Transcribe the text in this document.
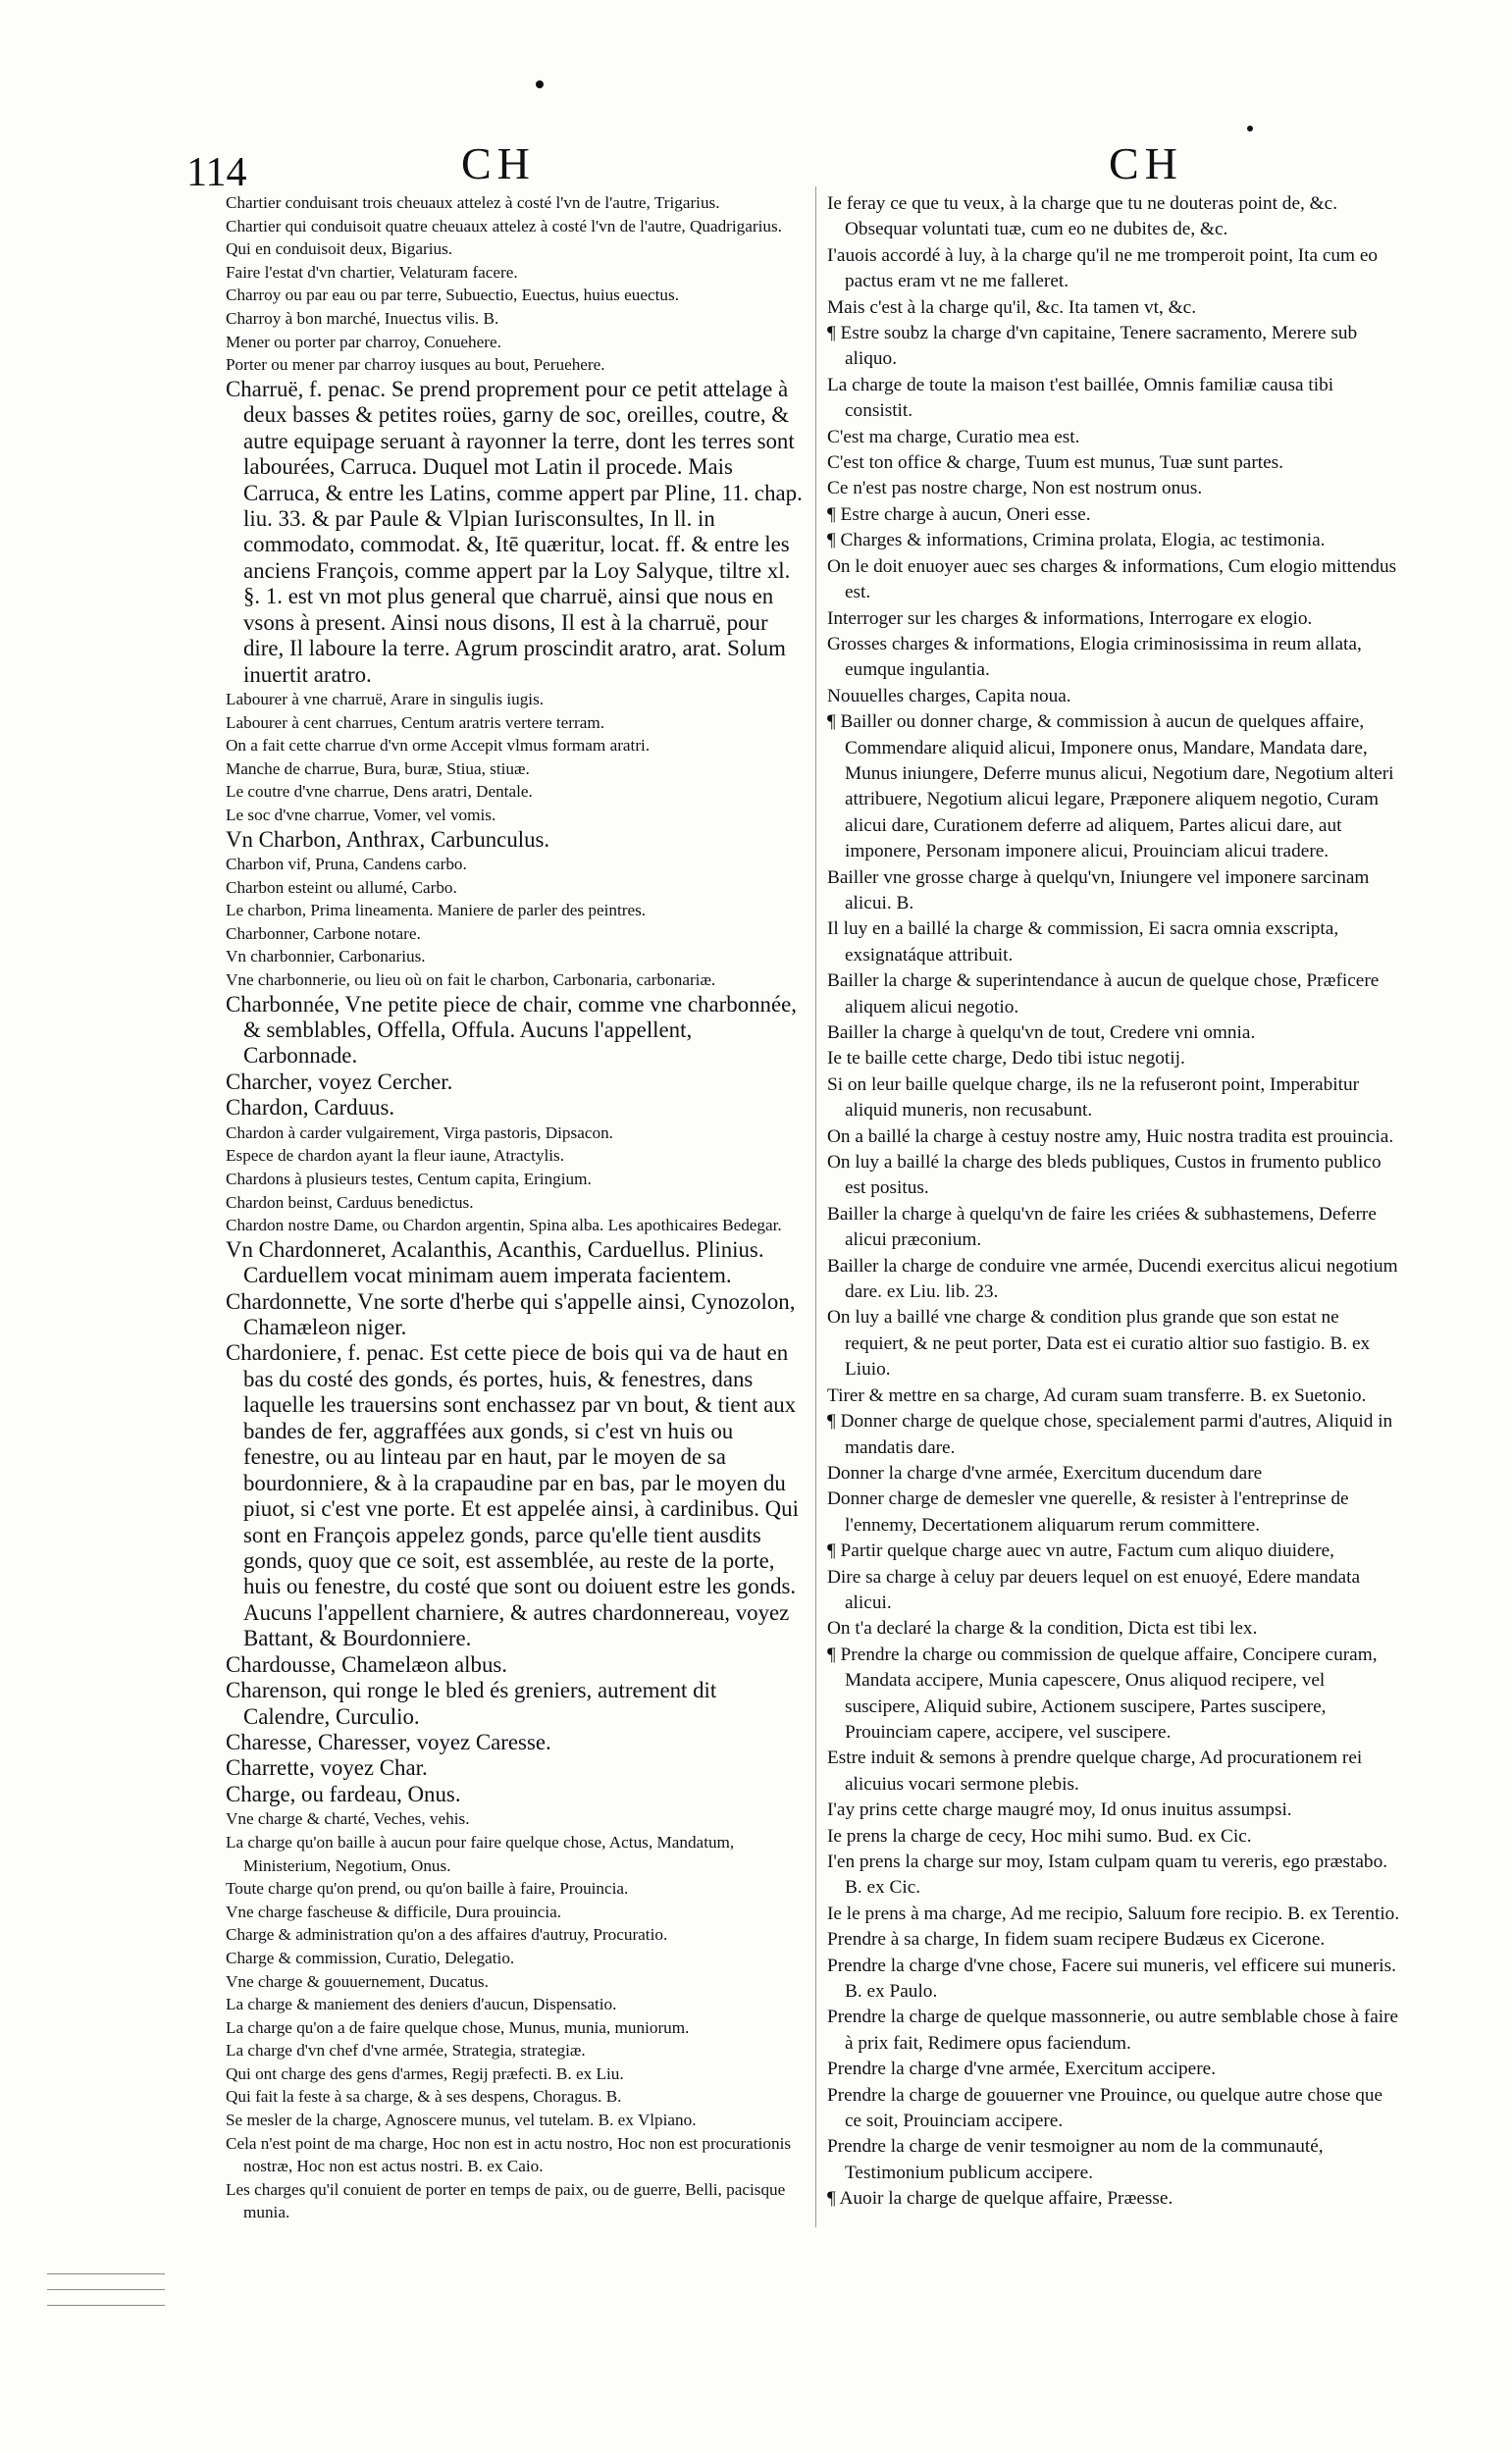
114	CH	CH

Chartier conduisant trois cheuaux attelez à costé l'vn de l'autre, Trigarius.

Chartier qui conduisoit quatre cheuaux attelez à costé l'vn de l'autre, Quadrigarius.

Qui en conduisoit deux, Bigarius.

Faire l'estat d'vn chartier, Velaturam facere.

Charroy ou par eau ou par terre, Subuectio, Euectus, huius euectus.

Charroy à bon marché, Inuectus vilis. B.

Mener ou porter par charroy, Conuehere.

Porter ou mener par charroy iusques au bout, Peruehere.

Charruë, f. penac. Se prend proprement pour ce petit attelage à deux basses & petites roües, garny de soc, oreilles, coutre, & autre equipage seruant à rayonner la terre, dont les terres sont labourées, Carruca. Duquel mot Latin il procede. Mais Carruca, & entre les Latins, comme appert par Pline, 11. chap. liu. 33. & par Paule & Vlpian Iurisconsultes, In ll. in commodato, commodat. &, Itē quæritur, locat. ff. & entre les anciens François, comme appert par la Loy Salyque, tiltre xl. §. 1. est vn mot plus general que charruë, ainsi que nous en vsons à present. Ainsi nous disons, Il est à la charruë, pour dire, Il laboure la terre. Agrum proscindit aratro, arat. Solum inuertit aratro.

Labourer à vne charruë, Arare in singulis iugis.

Labourer à cent charrues, Centum aratris vertere terram.

On a fait cette charrue d'vn orme Accepit vlmus formam aratri.

Manche de charrue, Bura, buræ, Stiua, stiuæ.

Le coutre d'vne charrue, Dens aratri, Dentale.

Le soc d'vne charrue, Vomer, vel vomis.

Vn Charbon, Anthrax, Carbunculus.

Charbon vif, Pruna, Candens carbo.

Charbon esteint ou allumé, Carbo.

Le charbon, Prima lineamenta. Maniere de parler des peintres.

Charbonner, Carbone notare.

Vn charbonnier, Carbonarius.

Vne charbonnerie, ou lieu où on fait le charbon, Carbonaria, carbonariæ.

Charbonnée, Vne petite piece de chair, comme vne charbonnée, & semblables, Offella, Offula. Aucuns l'appellent, Carbonnade.

Charcher, voyez Cercher.

Chardon, Carduus.

Chardon à carder vulgairement, Virga pastoris, Dipsacon.

Espece de chardon ayant la fleur iaune, Atractylis.

Chardons à plusieurs testes, Centum capita, Eringium.

Chardon beinst, Carduus benedictus.

Chardon nostre Dame, ou Chardon argentin, Spina alba. Les apothicaires Bedegar.

Vn Chardonneret, Acalanthis, Acanthis, Carduellus. Plinius. Carduellem vocat minimam auem imperata facientem.

Chardonnette, Vne sorte d'herbe qui s'appelle ainsi, Cynozolon, Chamæleon niger.

Chardoniere, f. penac. Est cette piece de bois qui va de haut en bas du costé des gonds, és portes, huis, & fenestres, dans laquelle les trauersins sont enchassez par vn bout, & tient aux bandes de fer, aggraffées aux gonds, si c'est vn huis ou fenestre, ou au linteau par en haut, par le moyen de sa bourdonniere, & à la crapaudine par en bas, par le moyen du piuot, si c'est vne porte. Et est appelée ainsi, à cardinibus. Qui sont en François appelez gonds, parce qu'elle tient ausdits gonds, quoy que ce soit, est assemblée, au reste de la porte, huis ou fenestre, du costé que sont ou doiuent estre les gonds. Aucuns l'appellent charniere, & autres chardonnereau, voyez Battant, & Bourdonniere.

Chardousse, Chamelæon albus.

Charenson, qui ronge le bled és greniers, autrement dit Calendre, Curculio.

Charesse, Charesser, voyez Caresse.

Charrette, voyez Char.

Charge, ou fardeau, Onus.

Vne charge & charté, Veches, vehis.

La charge qu'on baille à aucun pour faire quelque chose, Actus, Mandatum, Ministerium, Negotium, Onus.

Toute charge qu'on prend, ou qu'on baille à faire, Prouincia.

Vne charge fascheuse & difficile, Dura prouincia.

Charge & administration qu'on a des affaires d'autruy, Procuratio.

Charge & commission, Curatio, Delegatio.

Vne charge & gouuernement, Ducatus.

La charge & maniement des deniers d'aucun, Dispensatio.

La charge qu'on a de faire quelque chose, Munus, munia, muniorum.

La charge d'vn chef d'vne armée, Strategia, strategiæ.

Qui ont charge des gens d'armes, Regij præfecti. B. ex Liu.

Qui fait la feste à sa charge, & à ses despens, Choragus. B.

Se mesler de la charge, Agnoscere munus, vel tutelam. B. ex Vlpiano.

Cela n'est point de ma charge, Hoc non est in actu nostro, Hoc non est procurationis nostræ, Hoc non est actus nostri. B. ex Caio.

Les charges qu'il conuient de porter en temps de paix, ou de guerre, Belli, pacisque munia.

Ie feray ce que tu veux, à la charge que tu ne douteras point de, &c. Obsequar voluntati tuæ, cum eo ne dubites de, &c.

I'auois accordé à luy, à la charge qu'il ne me tromperoit point, Ita cum eo pactus eram vt ne me falleret.

Mais c'est à la charge qu'il, &c. Ita tamen vt, &c.

¶ Estre soubz la charge d'vn capitaine, Tenere sacramento, Merere sub aliquo.

La charge de toute la maison t'est baillée, Omnis familiæ causa tibi consistit.

C'est ma charge, Curatio mea est.

C'est ton office & charge, Tuum est munus, Tuæ sunt partes.

Ce n'est pas nostre charge, Non est nostrum onus.

¶ Estre charge à aucun, Oneri esse.

¶ Charges & informations, Crimina prolata, Elogia, ac testimonia.

On le doit enuoyer auec ses charges & informations, Cum elogio mittendus est.

Interroger sur les charges & informations, Interrogare ex elogio.

Grosses charges & informations, Elogia criminosissima in reum allata, eumque ingulantia.

Nouuelles charges, Capita noua.

¶ Bailler ou donner charge, & commission à aucun de quelques affaire, Commendare aliquid alicui, Imponere onus, Mandare, Mandata dare, Munus iniungere, Deferre munus alicui, Negotium dare, Negotium alteri attribuere, Negotium alicui legare, Præponere aliquem negotio, Curam alicui dare, Curationem deferre ad aliquem, Partes alicui dare, aut imponere, Personam imponere alicui, Prouinciam alicui tradere.

Bailler vne grosse charge à quelqu'vn, Iniungere vel imponere sarcinam alicui. B.

Il luy en a baillé la charge & commission, Ei sacra omnia exscripta, exsignatáque attribuit.

Bailler la charge & superintendance à aucun de quelque chose, Præficere aliquem alicui negotio.

Bailler la charge à quelqu'vn de tout, Credere vni omnia.

Ie te baille cette charge, Dedo tibi istuc negotij.

Si on leur baille quelque charge, ils ne la refuseront point, Imperabitur aliquid muneris, non recusabunt.

On a baillé la charge à cestuy nostre amy, Huic nostra tradita est prouincia.

On luy a baillé la charge des bleds publiques, Custos in frumento publico est positus.

Bailler la charge à quelqu'vn de faire les criées & subhastemens, Deferre alicui præconium.

Bailler la charge de conduire vne armée, Ducendi exercitus alicui negotium dare. ex Liu. lib. 23.

On luy a baillé vne charge & condition plus grande que son estat ne requiert, & ne peut porter, Data est ei curatio altior suo fastigio. B. ex Liuio.

Tirer & mettre en sa charge, Ad curam suam transferre. B. ex Suetonio.

¶ Donner charge de quelque chose, specialement parmi d'autres, Aliquid in mandatis dare.

Donner la charge d'vne armée, Exercitum ducendum dare

Donner charge de demesler vne querelle, & resister à l'entreprinse de l'ennemy, Decertationem aliquarum rerum committere.

¶ Partir quelque charge auec vn autre, Factum cum aliquo diuidere,

Dire sa charge à celuy par deuers lequel on est enuoyé, Edere mandata alicui.

On t'a declaré la charge & la condition, Dicta est tibi lex.

¶ Prendre la charge ou commission de quelque affaire, Concipere curam, Mandata accipere, Munia capescere, Onus aliquod recipere, vel suscipere, Aliquid subire, Actionem suscipere, Partes suscipere, Prouinciam capere, accipere, vel suscipere.

Estre induit & semons à prendre quelque charge, Ad procurationem rei alicuius vocari sermone plebis.

I'ay prins cette charge maugré moy, Id onus inuitus assumpsi.

Ie prens la charge de cecy, Hoc mihi sumo. Bud. ex Cic.

I'en prens la charge sur moy, Istam culpam quam tu vereris, ego præstabo. B. ex Cic.

Ie le prens à ma charge, Ad me recipio, Saluum fore recipio. B. ex Terentio.

Prendre à sa charge, In fidem suam recipere Budæus ex Cicerone.

Prendre la charge d'vne chose, Facere sui muneris, vel efficere sui muneris. B. ex Paulo.

Prendre la charge de quelque massonnerie, ou autre semblable chose à faire à prix fait, Redimere opus faciendum.

Prendre la charge d'vne armée, Exercitum accipere.

Prendre la charge de gouuerner vne Prouince, ou quelque autre chose que ce soit, Prouinciam accipere.

Prendre la charge de venir tesmoigner au nom de la communauté, Testimonium publicum accipere.

¶ Auoir la charge de quelque affaire, Præesse.
